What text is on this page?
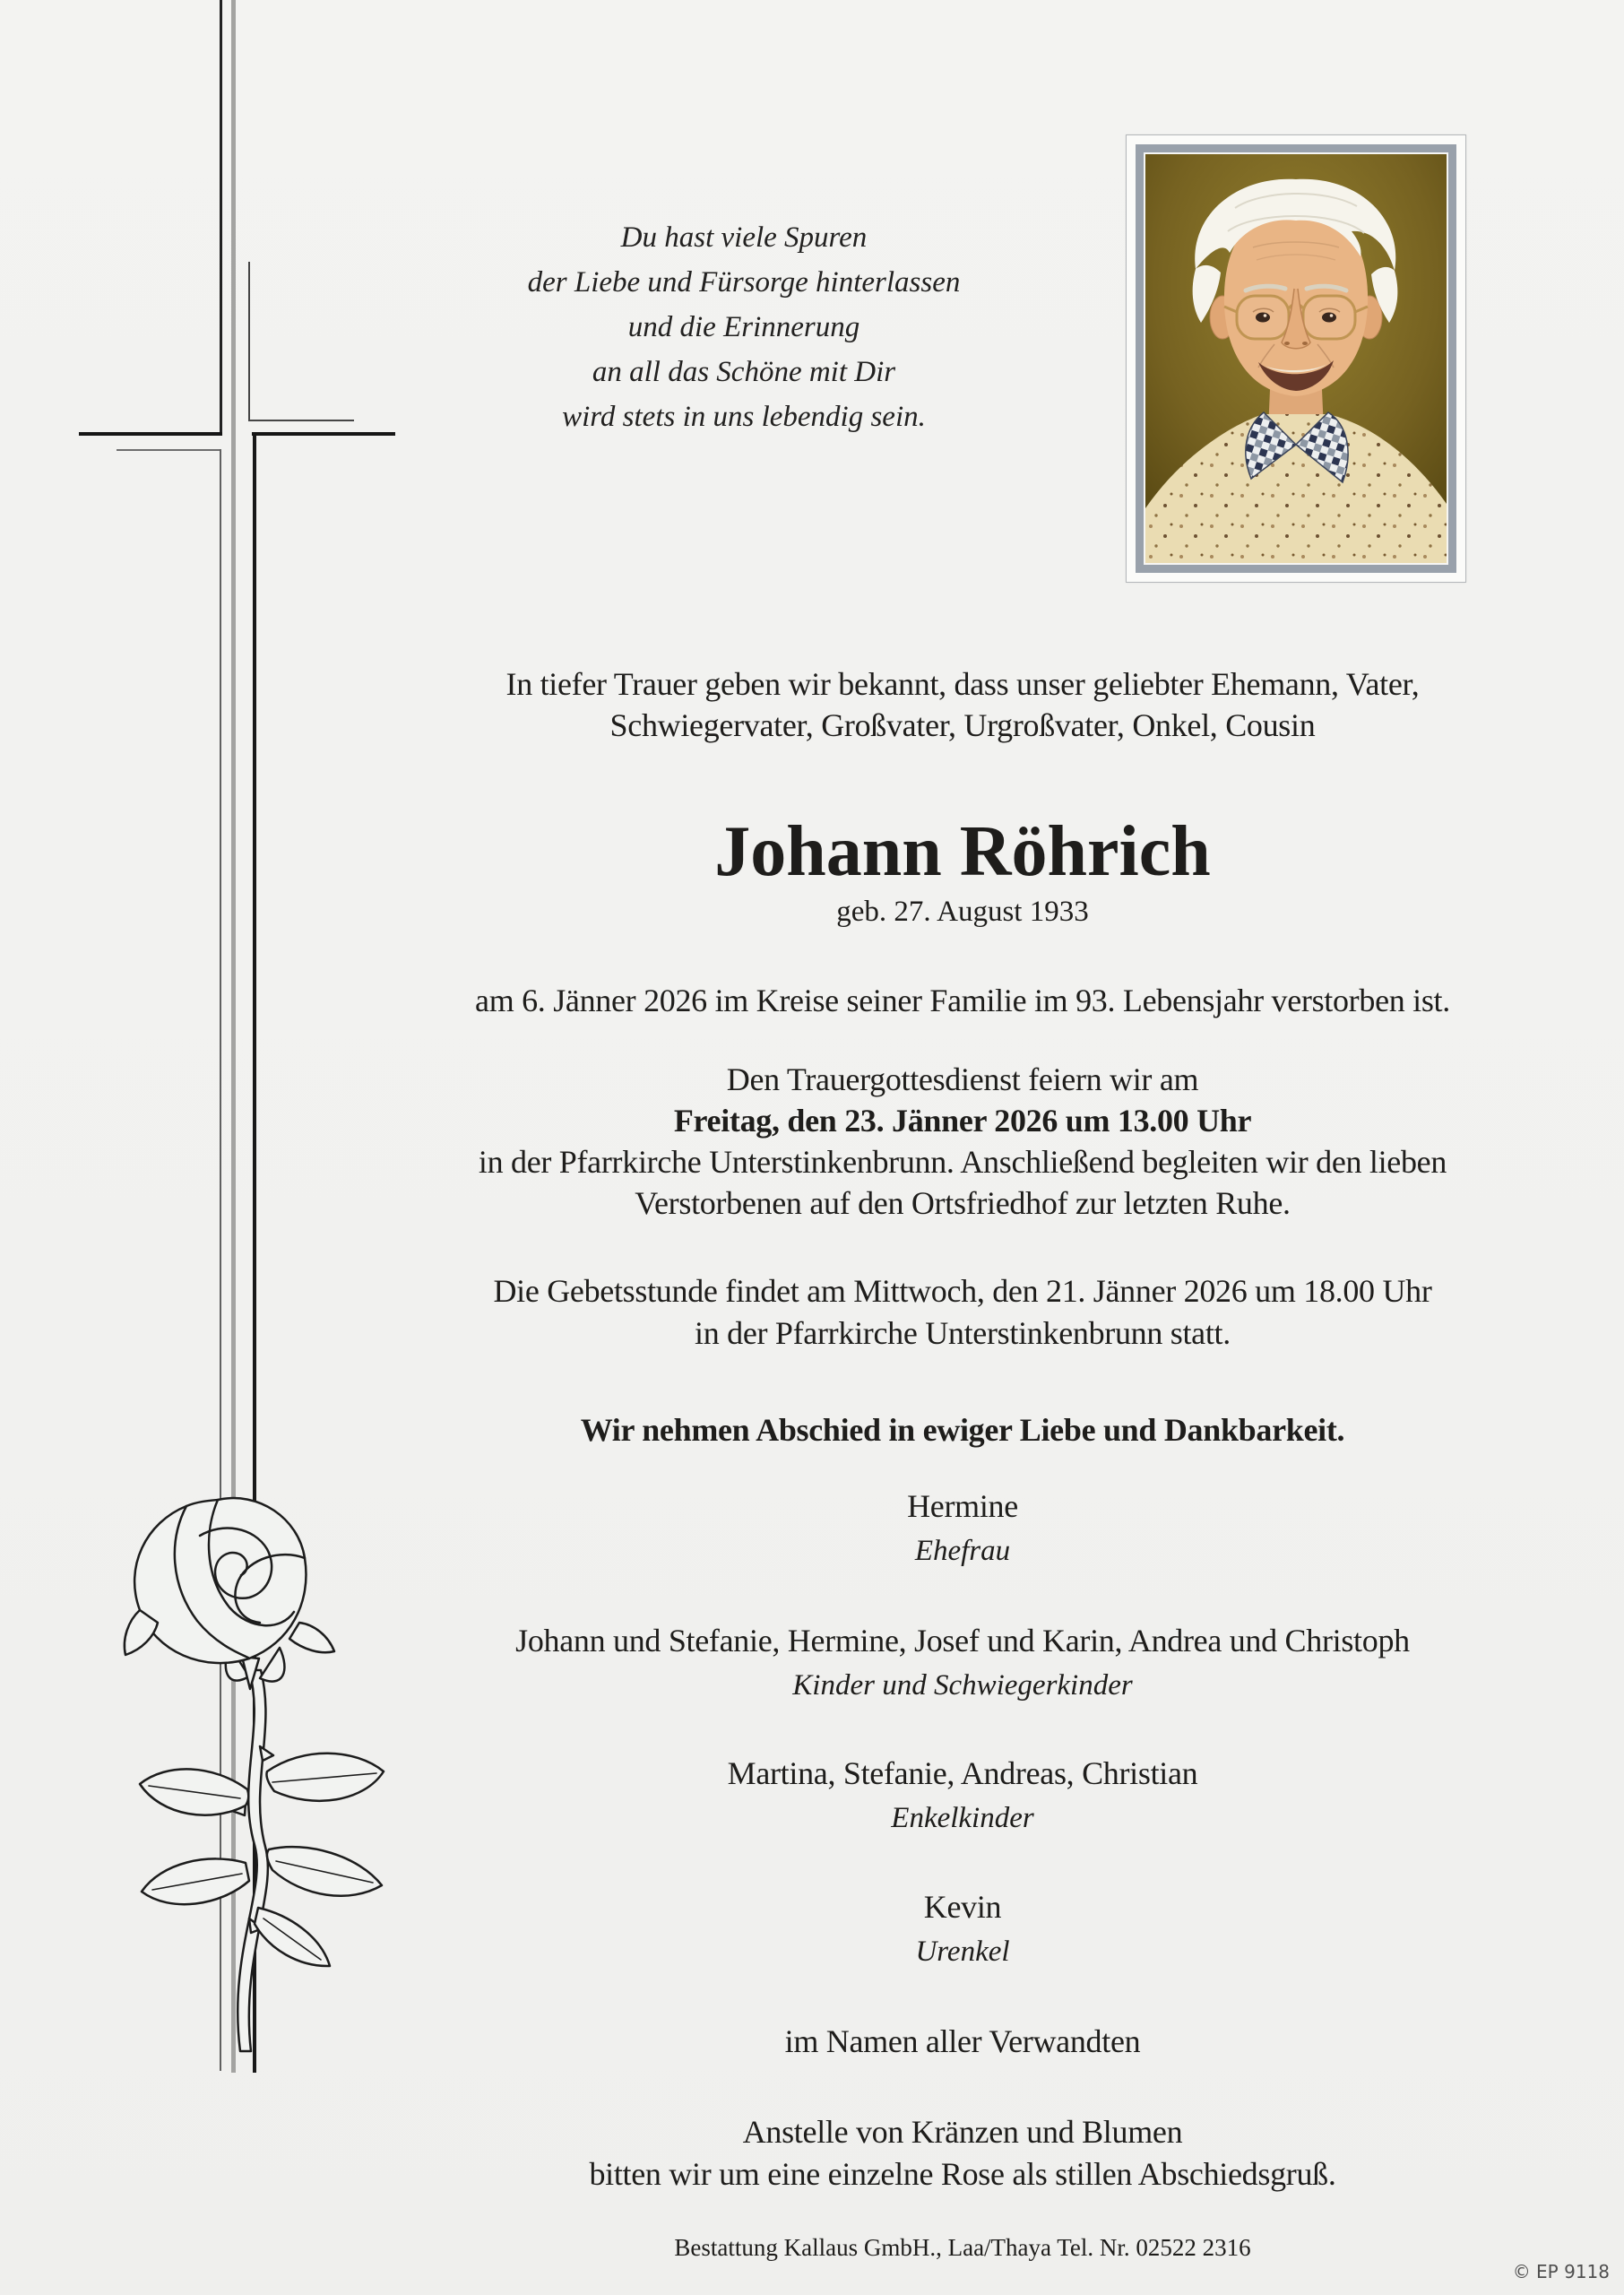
Du hast viele Spuren
der Liebe und Fürsorge hinterlassen
und die Erinnerung
an all das Schöne mit Dir
wird stets in uns lebendig sein.
In tiefer Trauer geben wir bekannt, dass unser geliebter Ehemann, Vater,
Schwiegervater, Großvater, Urgroßvater, Onkel, Cousin
Johann Röhrich
geb. 27. August 1933
am 6. Jänner 2026 im Kreise seiner Familie im 93. Lebensjahr verstorben ist.
Den Trauergottesdienst feiern wir am
Freitag, den 23. Jänner 2026 um 13.00 Uhr
in der Pfarrkirche Unterstinkenbrunn. Anschließend begleiten wir den lieben
Verstorbenen auf den Ortsfriedhof zur letzten Ruhe.
Die Gebetsstunde findet am Mittwoch, den 21. Jänner 2026 um 18.00 Uhr
in der Pfarrkirche Unterstinkenbrunn statt.
Wir nehmen Abschied in ewiger Liebe und Dankbarkeit.
Hermine
Ehefrau
Johann und Stefanie, Hermine, Josef und Karin, Andrea und Christoph
Kinder und Schwiegerkinder
Martina, Stefanie, Andreas, Christian
Enkelkinder
Kevin
Urenkel
im Namen aller Verwandten
Anstelle von Kränzen und Blumen
bitten wir um eine einzelne Rose als stillen Abschiedsgruß.
Bestattung Kallaus GmbH., Laa/Thaya Tel. Nr. 02522 2316
© EP 9118
